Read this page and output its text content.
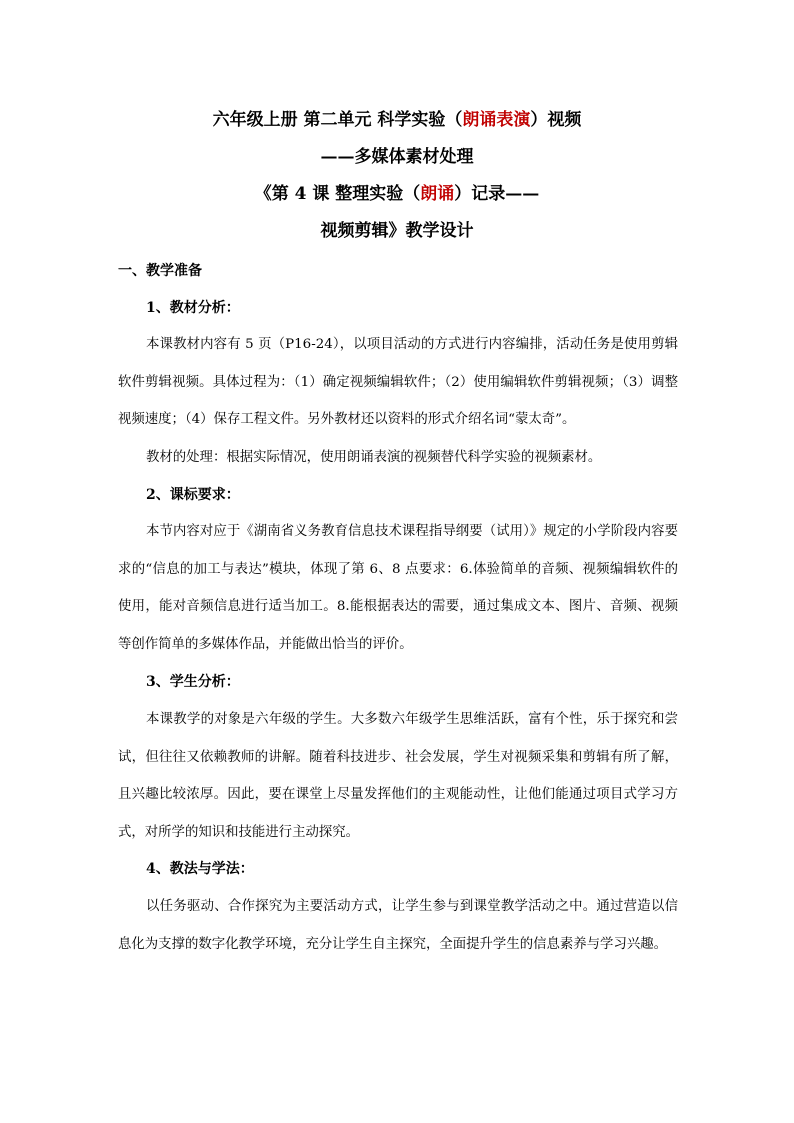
六年级上册 第二单元 科学实验（朗诵表演）视频
——多媒体素材处理
《第 4 课 整理实验（朗诵）记录——
视频剪辑》教学设计
一、教学准备
1、教材分析：
本课教材内容有 5 页（P16-24），以项目活动的方式进行内容编排，活动任务是使用剪辑软件剪辑视频。具体过程为：（1）确定视频编辑软件；（2）使用编辑软件剪辑视频；（3）调整视频速度；（4）保存工程文件。另外教材还以资料的形式介绍名词“蒙太奇”。
教材的处理：根据实际情况，使用朗诵表演的视频替代科学实验的视频素材。
2、课标要求：
本节内容对应于《湖南省义务教育信息技术课程指导纲要（试用）》规定的小学阶段内容要求的“信息的加工与表达”模块，体现了第 6、8 点要求：6.体验简单的音频、视频编辑软件的使用，能对音频信息进行适当加工。8.能根据表达的需要，通过集成文本、图片、音频、视频等创作简单的多媒体作品，并能做出恰当的评价。
3、学生分析：
本课教学的对象是六年级的学生。大多数六年级学生思维活跃，富有个性，乐于探究和尝试，但往往又依赖教师的讲解。随着科技进步、社会发展，学生对视频采集和剪辑有所了解，且兴趣比较浓厚。因此，要在课堂上尽量发挥他们的主观能动性，让他们能通过项目式学习方式，对所学的知识和技能进行主动探究。
4、教法与学法：
以任务驱动、合作探究为主要活动方式，让学生参与到课堂教学活动之中。通过营造以信息化为支撑的数字化教学环境，充分让学生自主探究，全面提升学生的信息素养与学习兴趣。
